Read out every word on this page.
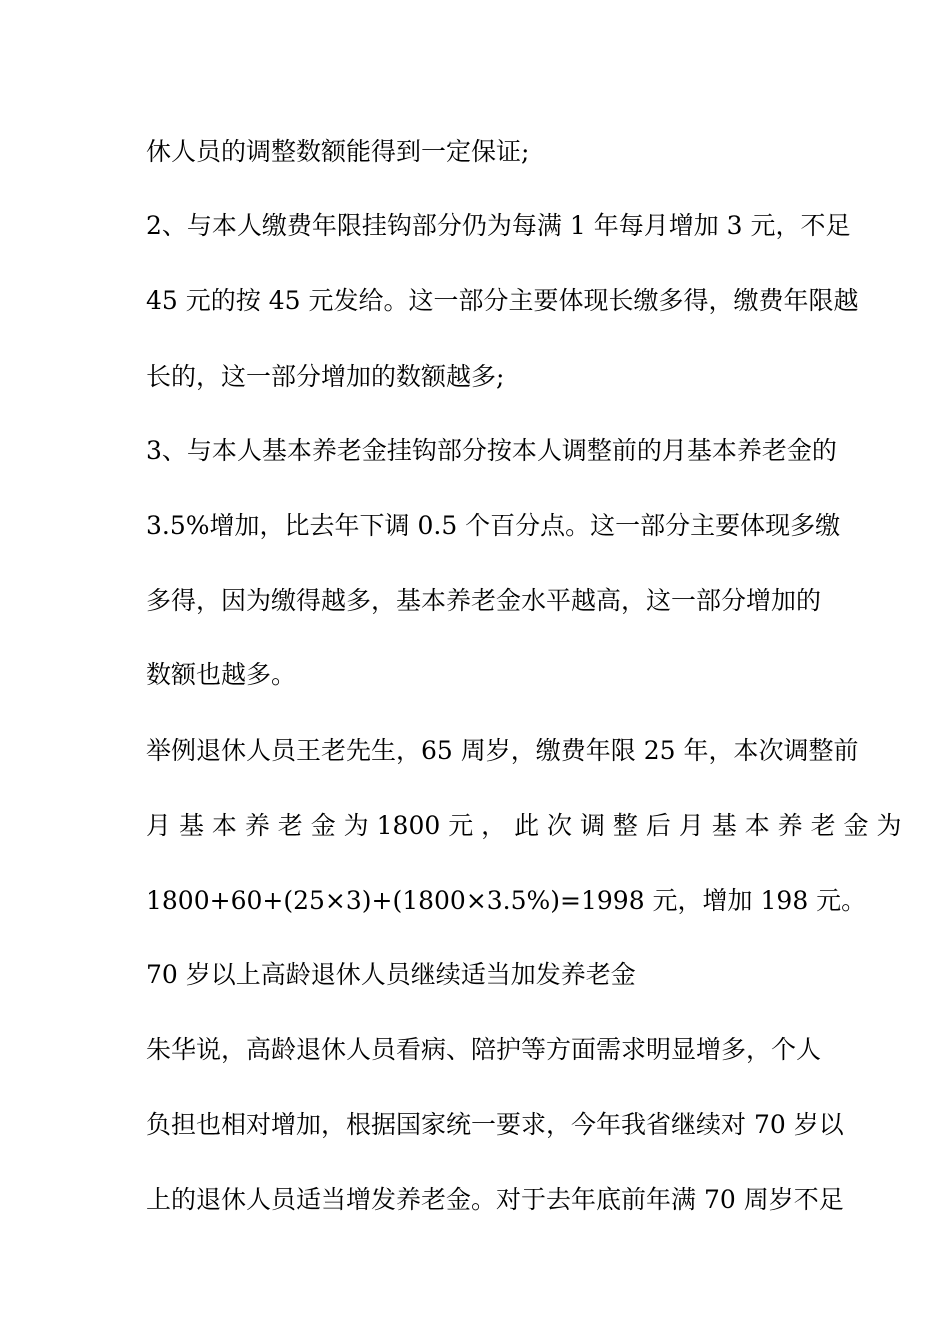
休人员的调整数额能得到一定保证;
2、与本人缴费年限挂钩部分仍为每满 1 年每月增加 3 元，不足
45 元的按 45 元发给。这一部分主要体现长缴多得，缴费年限越
长的，这一部分增加的数额越多;
3、与本人基本养老金挂钩部分按本人调整前的月基本养老金的
3.5%增加，比去年下调 0.5 个百分点。这一部分主要体现多缴
多得，因为缴得越多，基本养老金水平越高，这一部分增加的
数额也越多。
举例退休人员王老先生，65 周岁，缴费年限 25 年，本次调整前
月 基 本 养 老 金 为 1800 元 ， 此 次 调 整 后 月 基 本 养 老 金 为
1800+60+(25×3)+(1800×3.5%)=1998 元，增加 198 元。
70 岁以上高龄退休人员继续适当加发养老金
朱华说，高龄退休人员看病、陪护等方面需求明显增多，个人
负担也相对增加，根据国家统一要求，今年我省继续对 70 岁以
上的退休人员适当增发养老金。对于去年底前年满 70 周岁不足
